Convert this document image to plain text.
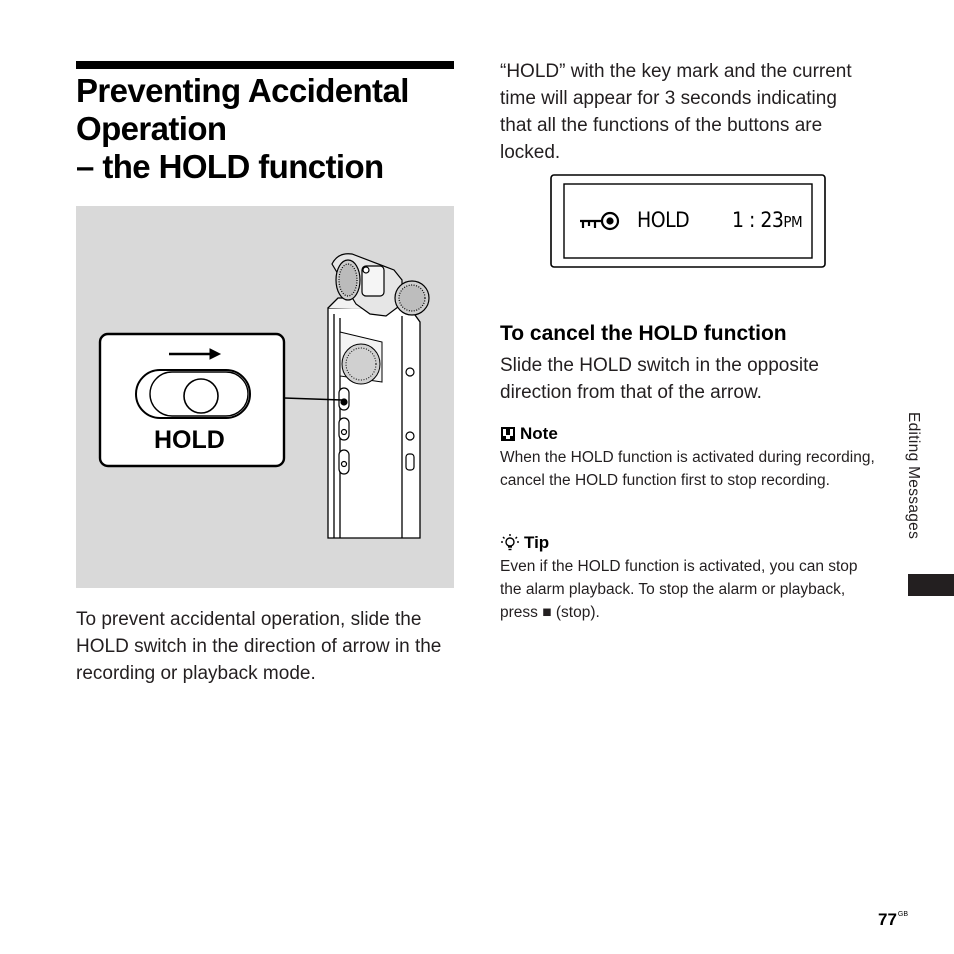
Preventing Accidental
Operation
– the HOLD function
HOLD

To prevent accidental operation, slide the HOLD switch in the direction of arrow in the recording or playback mode.

“HOLD” with the key mark and the current time will appear for 3 seconds indicating that all the functions of the buttons are locked.

HOLD 1 : 23PM
To cancel the HOLD function

Slide the HOLD switch in the opposite direction from that of the arrow.

Note

When the HOLD function is activated during recording, cancel the HOLD function first to stop recording.

Tip

Even if the HOLD function is activated, you can stop the alarm playback. To stop the alarm or playback, press ■ (stop).

Editing Messages
$77^{GB}$
